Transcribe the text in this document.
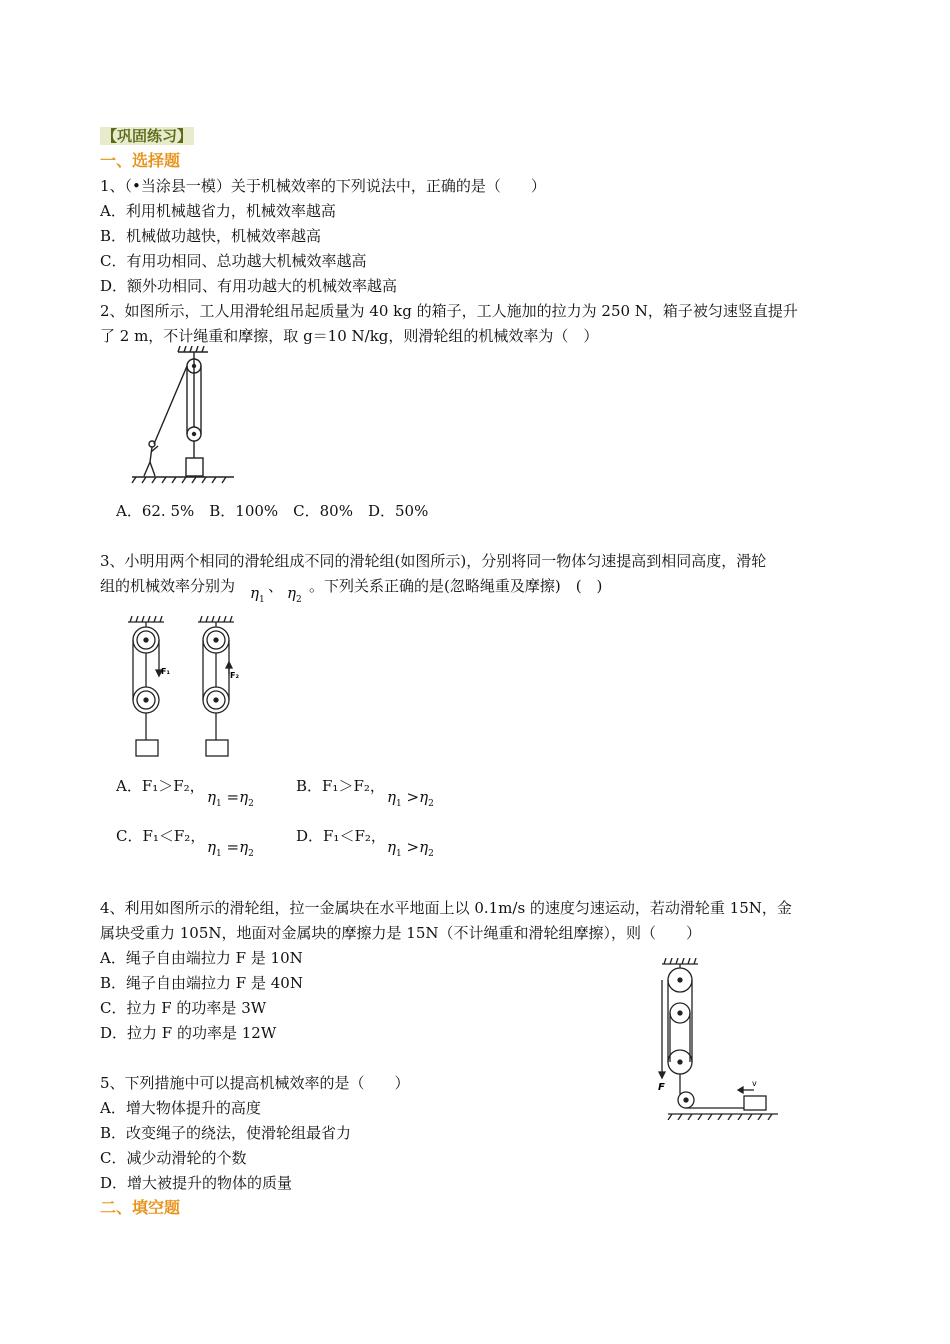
【巩固练习】
一、选择题
1、（•当涂县一模）关于机械效率的下列说法中，正确的是（　　）
A．利用机械越省力，机械效率越高
B．机械做功越快，机械效率越高
C．有用功相同、总功越大机械效率越高
D．额外功相同、有用功越大的机械效率越高
2、如图所示，工人用滑轮组吊起质量为 40 kg 的箱子，工人施加的拉力为 250 N，箱子被匀速竖直提升
了 2 m，不计绳重和摩擦，取 g＝10 N/kg，则滑轮组的机械效率为（　）
A．62. 5%　B．100%　C．80%　D．50%
3、小明用两个相同的滑轮组成不同的滑轮组(如图所示)，分别将同一物体匀速提高到相同高度，滑轮
组的机械效率分别为 $\eta_1$
、 $\eta_2$
。下列关系正确的是(忽略绳重及摩擦)　(　)
F₁	F₂
A．F₁＞F₂，
$\eta_1 =\eta_2$
B．F₁＞F₂，
$\eta_1 >\eta_2$
C．F₁＜F₂，
$\eta_1 =\eta_2$
D．F₁＜F₂，
$\eta_1 >\eta_2$
4、利用如图所示的滑轮组，拉一金属块在水平地面上以 0.1m/s 的速度匀速运动，若动滑轮重 15N，金
属块受重力 105N，地面对金属块的摩擦力是 15N（不计绳重和滑轮组摩擦），则（　　）
A．绳子自由端拉力 F 是 10N
B．绳子自由端拉力 F 是 40N
C．拉力 F 的功率是 3W
D．拉力 F 的功率是 12W
F	v
5、下列措施中可以提高机械效率的是（　　）
A．增大物体提升的高度
B．改变绳子的绕法，使滑轮组最省力
C．减少动滑轮的个数
D．增大被提升的物体的质量
二、填空题
